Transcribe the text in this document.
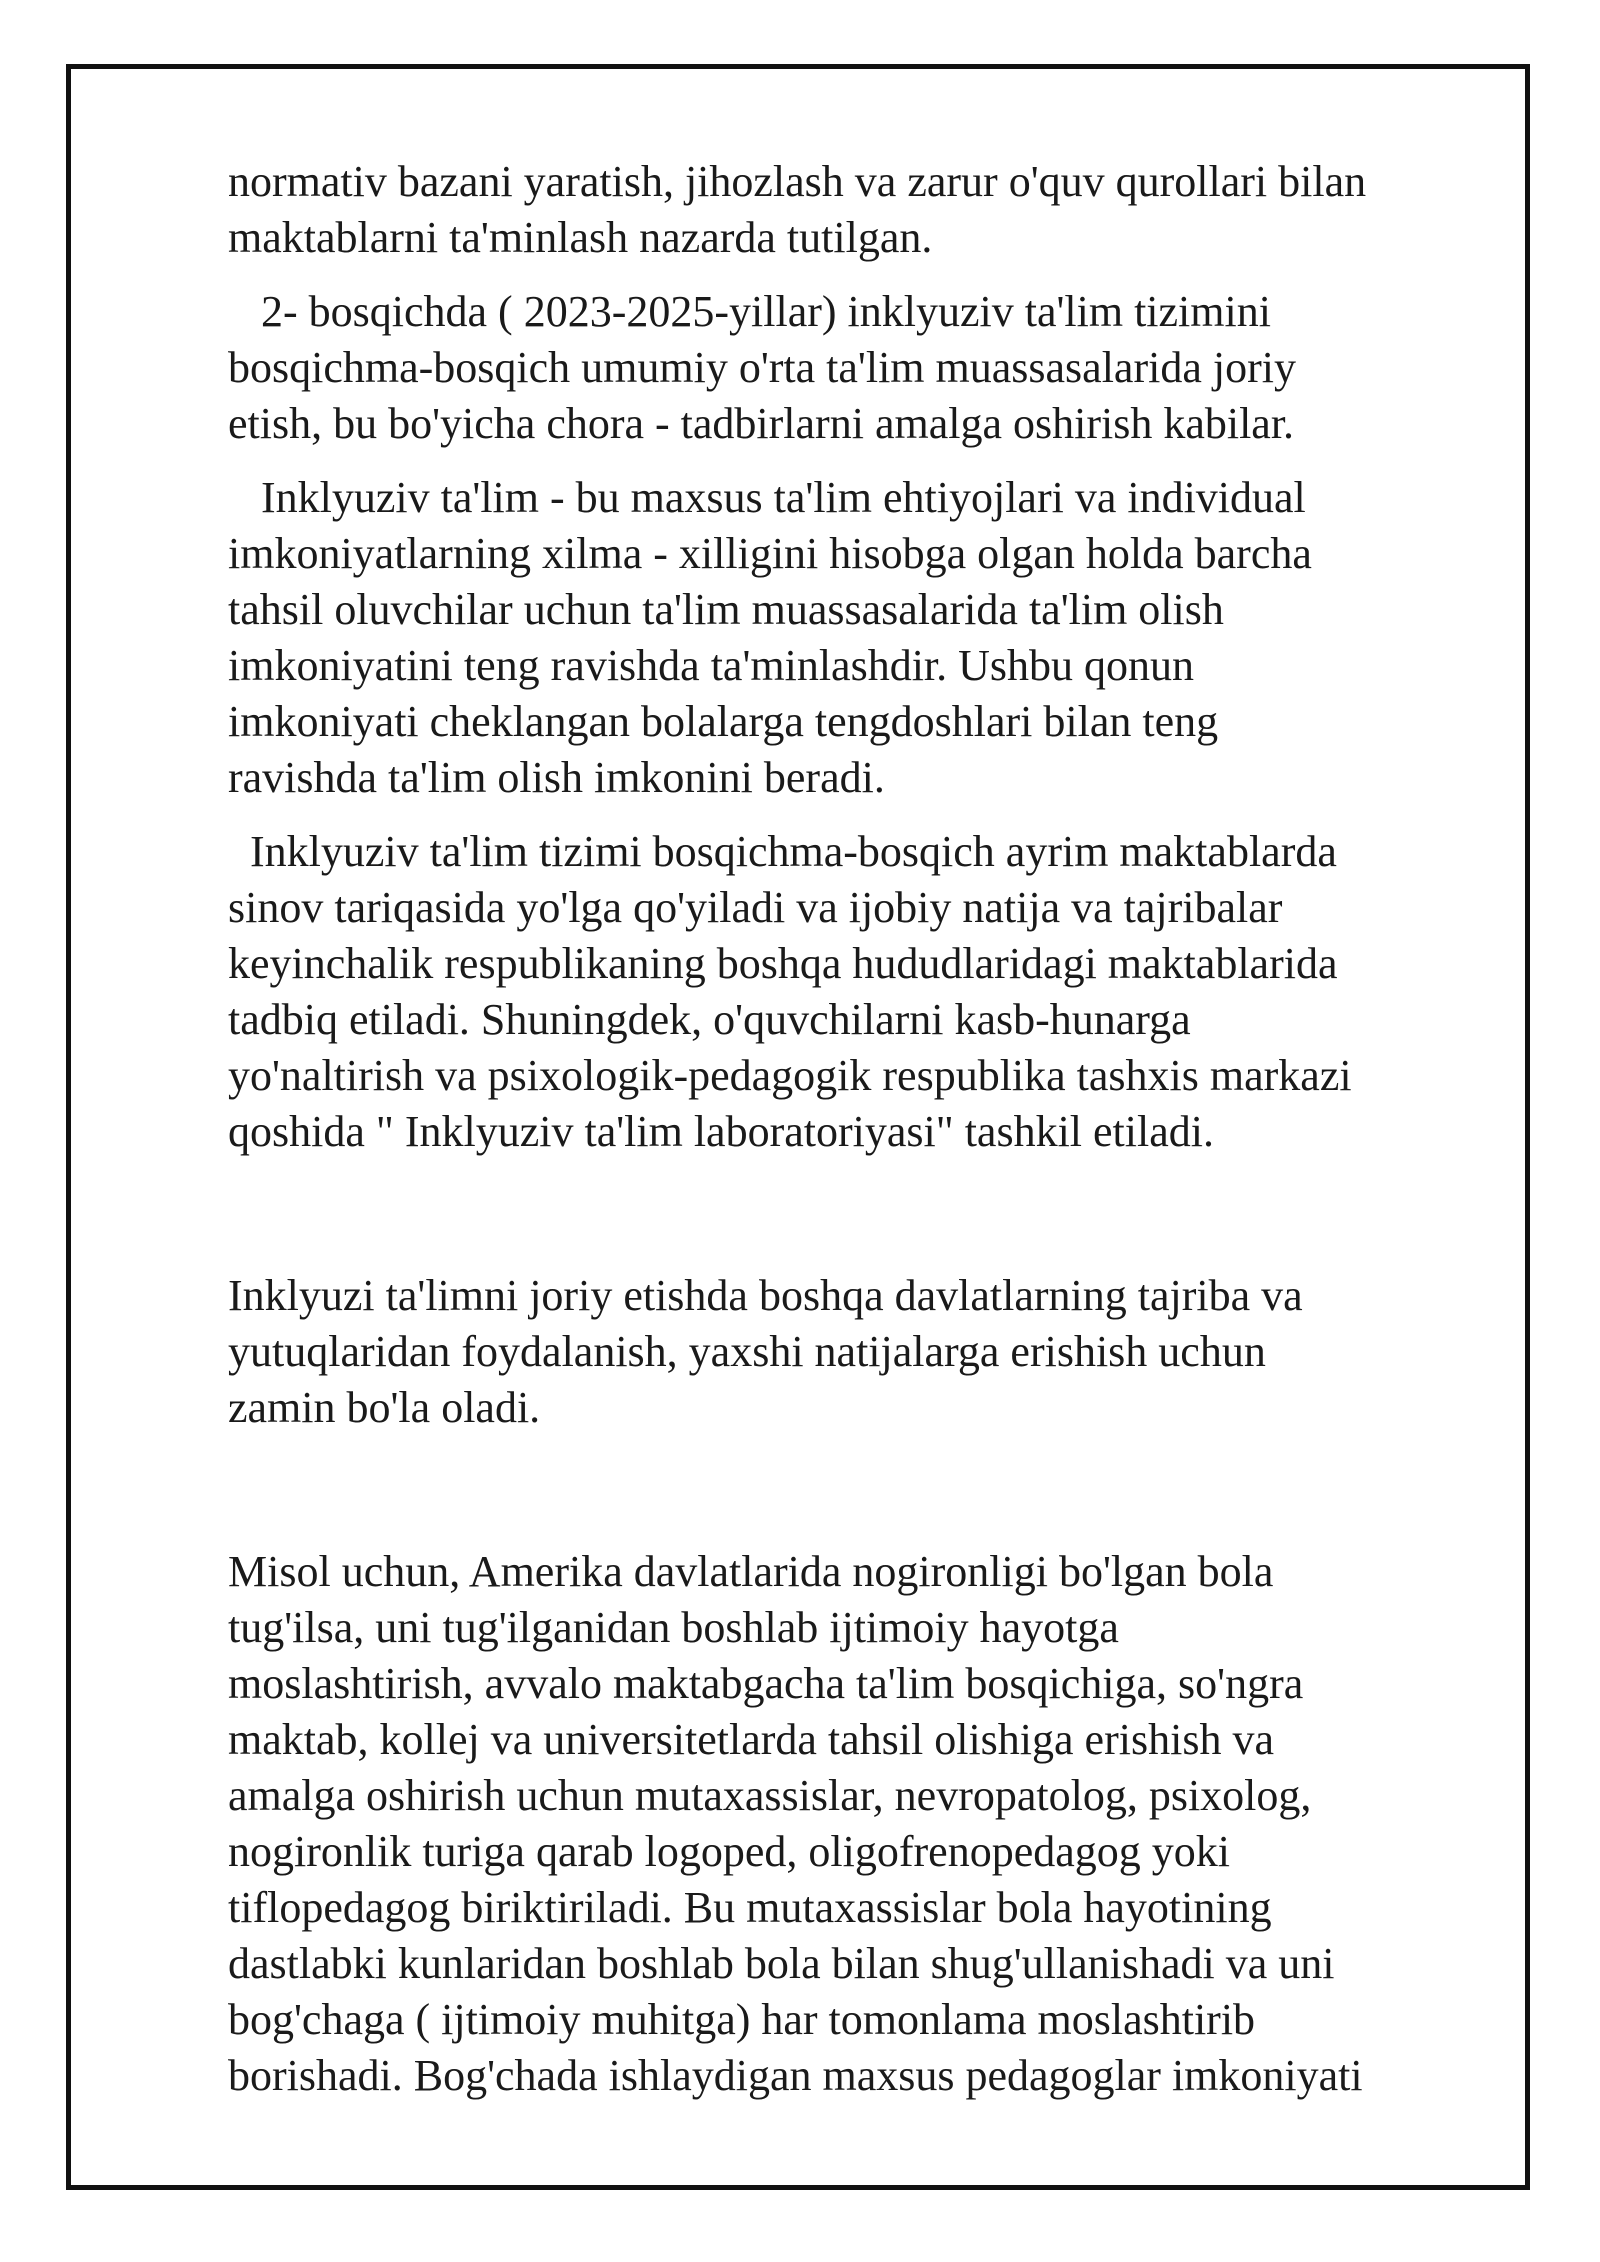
normativ bazani yaratish, jihozlash va zarur o'quv qurollari bilan
maktablarni ta'minlash nazarda tutilgan.
2- bosqichda ( 2023-2025-yillar) inklyuziv ta'lim tizimini
bosqichma-bosqich umumiy o'rta ta'lim muassasalarida joriy
etish, bu bo'yicha chora - tadbirlarni amalga oshirish kabilar.
Inklyuziv ta'lim - bu maxsus ta'lim ehtiyojlari va individual
imkoniyatlarning xilma - xilligini hisobga olgan holda barcha
tahsil oluvchilar uchun ta'lim muassasalarida ta'lim olish
imkoniyatini teng ravishda ta'minlashdir. Ushbu qonun
imkoniyati cheklangan bolalarga tengdoshlari bilan teng
ravishda ta'lim olish imkonini beradi.
Inklyuziv ta'lim tizimi bosqichma-bosqich ayrim maktablarda
sinov tariqasida yo'lga qo'yiladi va ijobiy natija va tajribalar
keyinchalik respublikaning boshqa hududlaridagi maktablarida
tadbiq etiladi. Shuningdek, o'quvchilarni kasb-hunarga
yo'naltirish va psixologik-pedagogik respublika tashxis markazi
qoshida " Inklyuziv ta'lim laboratoriyasi" tashkil etiladi.
Inklyuzi ta'limni joriy etishda boshqa davlatlarning tajriba va
yutuqlaridan foydalanish, yaxshi natijalarga erishish uchun
zamin bo'la oladi.
Misol uchun, Amerika davlatlarida nogironligi bo'lgan bola
tug'ilsa, uni tug'ilganidan boshlab ijtimoiy hayotga
moslashtirish, avvalo maktabgacha ta'lim bosqichiga, so'ngra
maktab, kollej va universitetlarda tahsil olishiga erishish va
amalga oshirish uchun mutaxassislar, nevropatolog, psixolog,
nogironlik turiga qarab logoped, oligofrenopedagog yoki
tiflopedagog biriktiriladi. Bu mutaxassislar bola hayotining
dastlabki kunlaridan boshlab bola bilan shug'ullanishadi va uni
bog'chaga ( ijtimoiy muhitga) har tomonlama moslashtirib
borishadi. Bog'chada ishlaydigan maxsus pedagoglar imkoniyati
